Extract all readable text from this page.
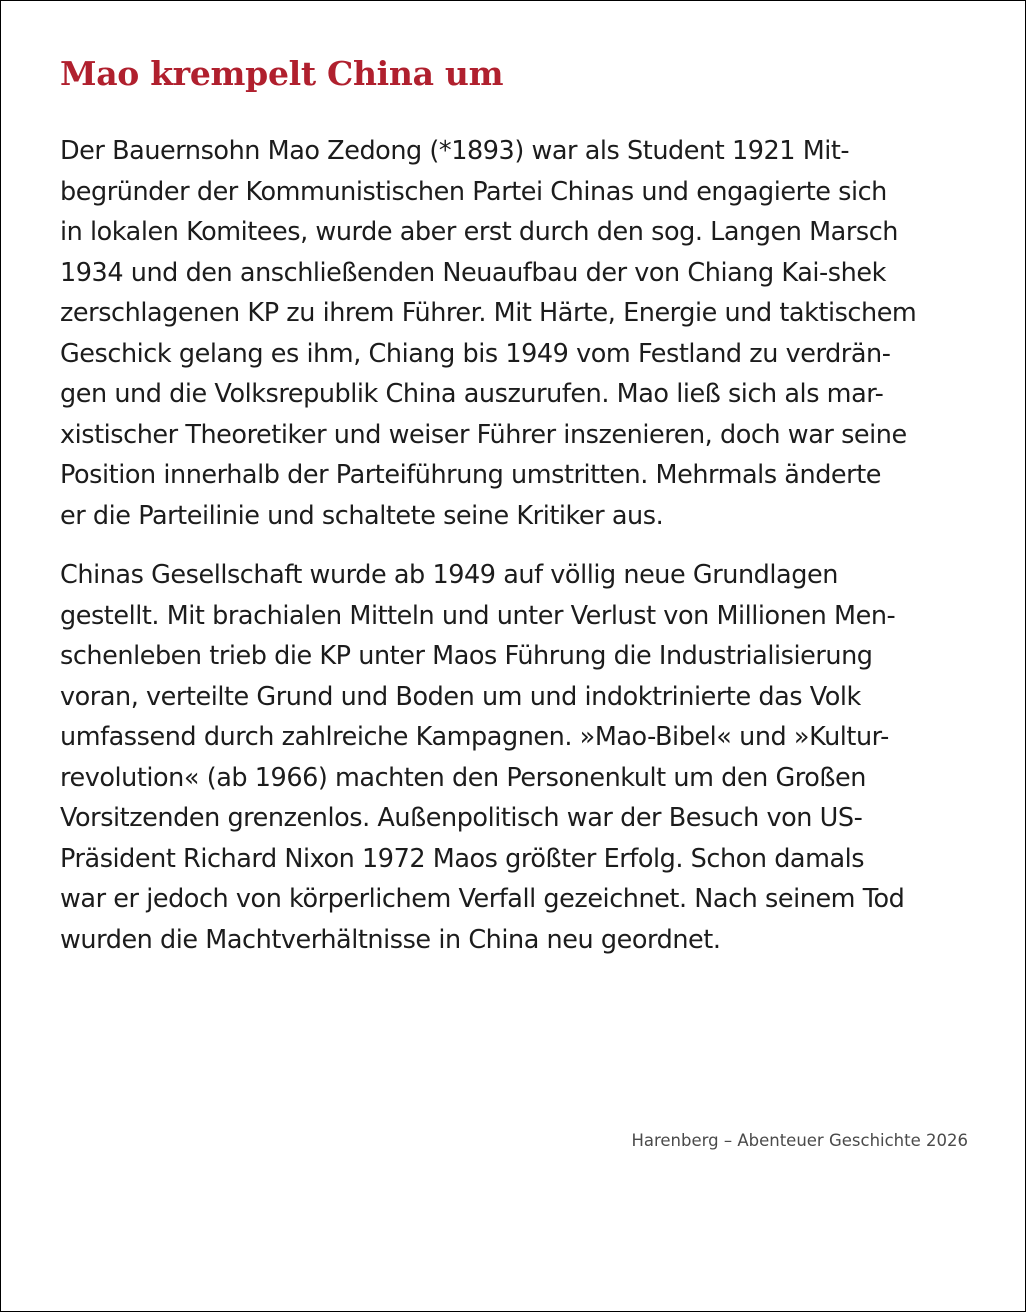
Mao krempelt China um

Der Bauernsohn Mao Zedong (*1893) war als Student 1921 Mit-
begründer der Kommunistischen Partei Chinas und engagierte sich
in lokalen Komitees, wurde aber erst durch den sog. Langen Marsch
1934 und den anschließenden Neuaufbau der von Chiang Kai-shek
zerschlagenen KP zu ihrem Führer. Mit Härte, Energie und taktischem
Geschick gelang es ihm, Chiang bis 1949 vom Festland zu verdrän-
gen und die Volksrepublik China auszurufen. Mao ließ sich als mar-
xistischer Theoretiker und weiser Führer inszenieren, doch war seine
Position innerhalb der Parteiführung umstritten. Mehrmals änderte
er die Parteilinie und schaltete seine Kritiker aus.

Chinas Gesellschaft wurde ab 1949 auf völlig neue Grundlagen
gestellt. Mit brachialen Mitteln und unter Verlust von Millionen Men-
schenleben trieb die KP unter Maos Führung die Industrialisierung
voran, verteilte Grund und Boden um und indoktrinierte das Volk
umfassend durch zahlreiche Kampagnen. »Mao-Bibel« und »Kultur-
revolution« (ab 1966) machten den Personenkult um den Großen
Vorsitzenden grenzenlos. Außenpolitisch war der Besuch von US-
Präsident Richard Nixon 1972 Maos größter Erfolg. Schon damals
war er jedoch von körperlichem Verfall gezeichnet. Nach seinem Tod
wurden die Machtverhältnisse in China neu geordnet.

Harenberg – Abenteuer Geschichte 2026
